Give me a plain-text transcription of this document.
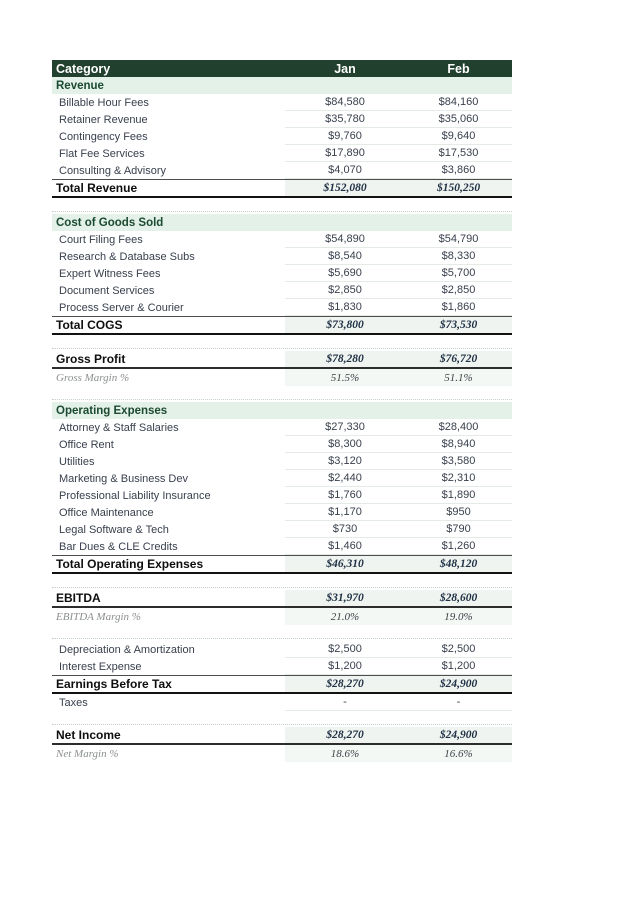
Category	Jan	Feb
Revenue
Billable Hour Fees	$84,580	$84,160
Retainer Revenue	$35,780	$35,060
Contingency Fees	$9,760	$9,640
Flat Fee Services	$17,890	$17,530
Consulting & Advisory	$4,070	$3,860
Total Revenue	$152,080	$150,250
Cost of Goods Sold
Court Filing Fees	$54,890	$54,790
Research & Database Subs	$8,540	$8,330
Expert Witness Fees	$5,690	$5,700
Document Services	$2,850	$2,850
Process Server & Courier	$1,830	$1,860
Total COGS	$73,800	$73,530
Gross Profit	$78,280	$76,720
Gross Margin %	51.5%	51.1%
Operating Expenses
Attorney & Staff Salaries	$27,330	$28,400
Office Rent	$8,300	$8,940
Utilities	$3,120	$3,580
Marketing & Business Dev	$2,440	$2,310
Professional Liability Insurance	$1,760	$1,890
Office Maintenance	$1,170	$950
Legal Software & Tech	$730	$790
Bar Dues & CLE Credits	$1,460	$1,260
Total Operating Expenses	$46,310	$48,120
EBITDA	$31,970	$28,600
EBITDA Margin %	21.0%	19.0%
Depreciation & Amortization	$2,500	$2,500
Interest Expense	$1,200	$1,200
Earnings Before Tax	$28,270	$24,900
Taxes	-	-
Net Income	$28,270	$24,900
Net Margin %	18.6%	16.6%
